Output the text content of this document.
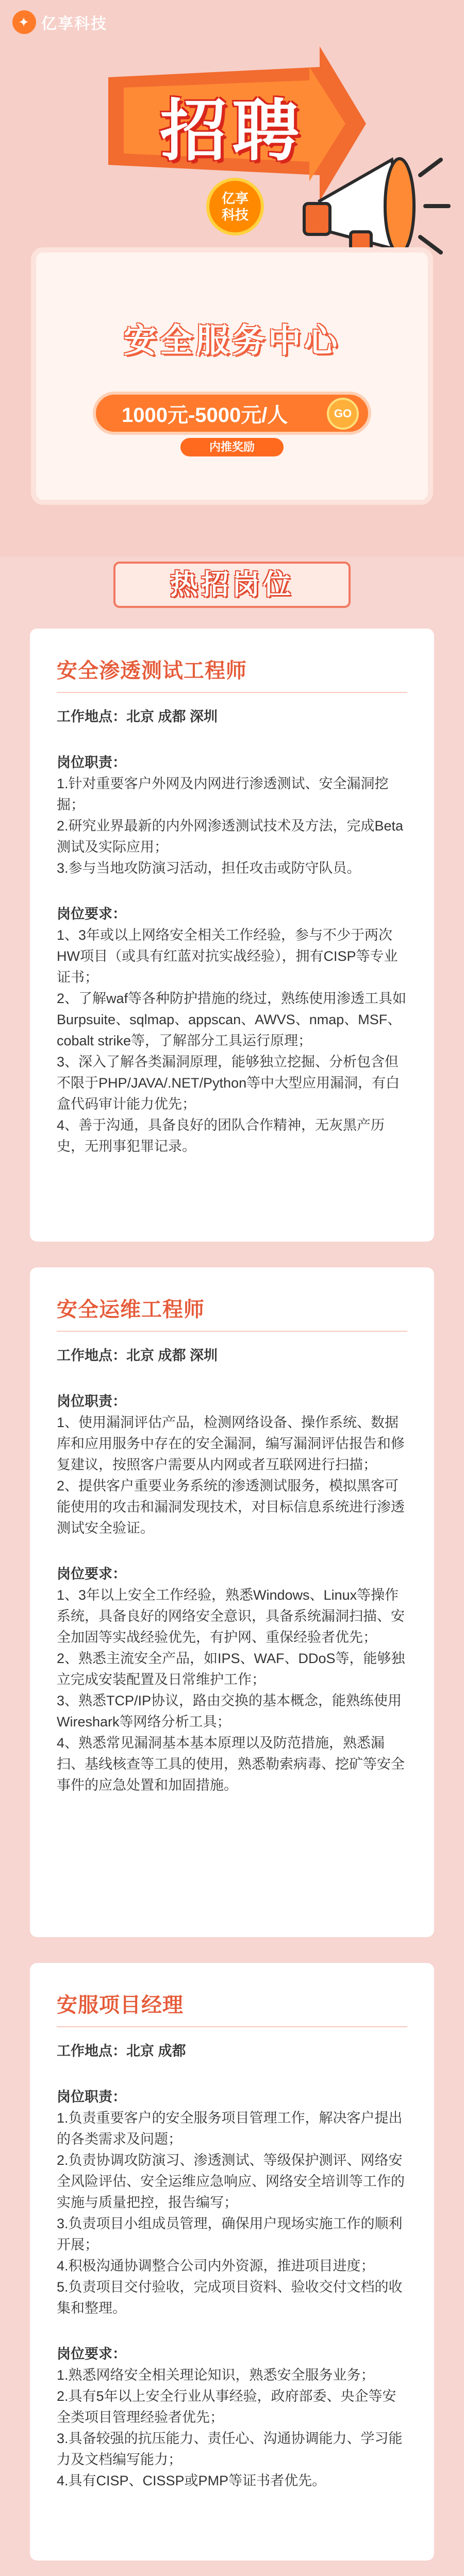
✦ 亿享科技
招聘
亿享
科技
安全服务中心
1000元-5000元/人	GO
内推奖励
热招岗位
安全渗透测试工程师

工作地点：北京 成都 深圳

岗位职责：

1.针对重要客户外网及内网进行渗透测试、安全漏洞挖掘；

2.研究业界最新的内外网渗透测试技术及方法，完成Beta测试及实际应用；

3.参与当地攻防演习活动，担任攻击或防守队员。

岗位要求：

1、3年或以上网络安全相关工作经验，参与不少于两次HW项目（或具有红蓝对抗实战经验），拥有CISP等专业证书；

2、了解waf等各种防护措施的绕过，熟练使用渗透工具如 Burpsuite、sqlmap、appscan、AWVS、nmap、MSF、cobalt strike等，了解部分工具运行原理；

3、深入了解各类漏洞原理，能够独立挖掘、分析包含但不限于PHP/JAVA/.NET/Python等中大型应用漏洞，有白盒代码审计能力优先；

4、善于沟通，具备良好的团队合作精神，无灰黑产历史，无刑事犯罪记录。

安全运维工程师

工作地点：北京 成都 深圳

岗位职责：

1、使用漏洞评估产品，检测网络设备、操作系统、数据库和应用服务中存在的安全漏洞，编写漏洞评估报告和修复建议，按照客户需要从内网或者互联网进行扫描；

2、提供客户重要业务系统的渗透测试服务，模拟黑客可能使用的攻击和漏洞发现技术，对目标信息系统进行渗透测试安全验证。

岗位要求：

1、3年以上安全工作经验，熟悉Windows、Linux等操作系统，具备良好的网络安全意识，具备系统漏洞扫描、安全加固等实战经验优先，有护网、重保经验者优先；

2、熟悉主流安全产品，如IPS、WAF、DDoS等，能够独立完成安装配置及日常维护工作；

3、熟悉TCP/IP协议，路由交换的基本概念，能熟练使用Wireshark等网络分析工具；

4、熟悉常见漏洞基本基本原理以及防范措施，熟悉漏扫、基线核查等工具的使用，熟悉勒索病毒、挖矿等安全事件的应急处置和加固措施。

安服项目经理

工作地点：北京 成都

岗位职责：

1.负责重要客户的安全服务项目管理工作，解决客户提出的各类需求及问题；

2.负责协调攻防演习、渗透测试、等级保护测评、网络安全风险评估、安全运维应急响应、网络安全培训等工作的实施与质量把控，报告编写；

3.负责项目小组成员管理，确保用户现场实施工作的顺利开展；

4.积极沟通协调整合公司内外资源，推进项目进度；

5.负责项目交付验收，完成项目资料、验收交付文档的收集和整理。

岗位要求：

1.熟悉网络安全相关理论知识，熟悉安全服务业务；

2.具有5年以上安全行业从事经验，政府部委、央企等安全类项目管理经验者优先；

3.具备较强的抗压能力、责任心、沟通协调能力、学习能力及文档编写能力；

4.具有CISP、CISSP或PMP等证书者优先。
